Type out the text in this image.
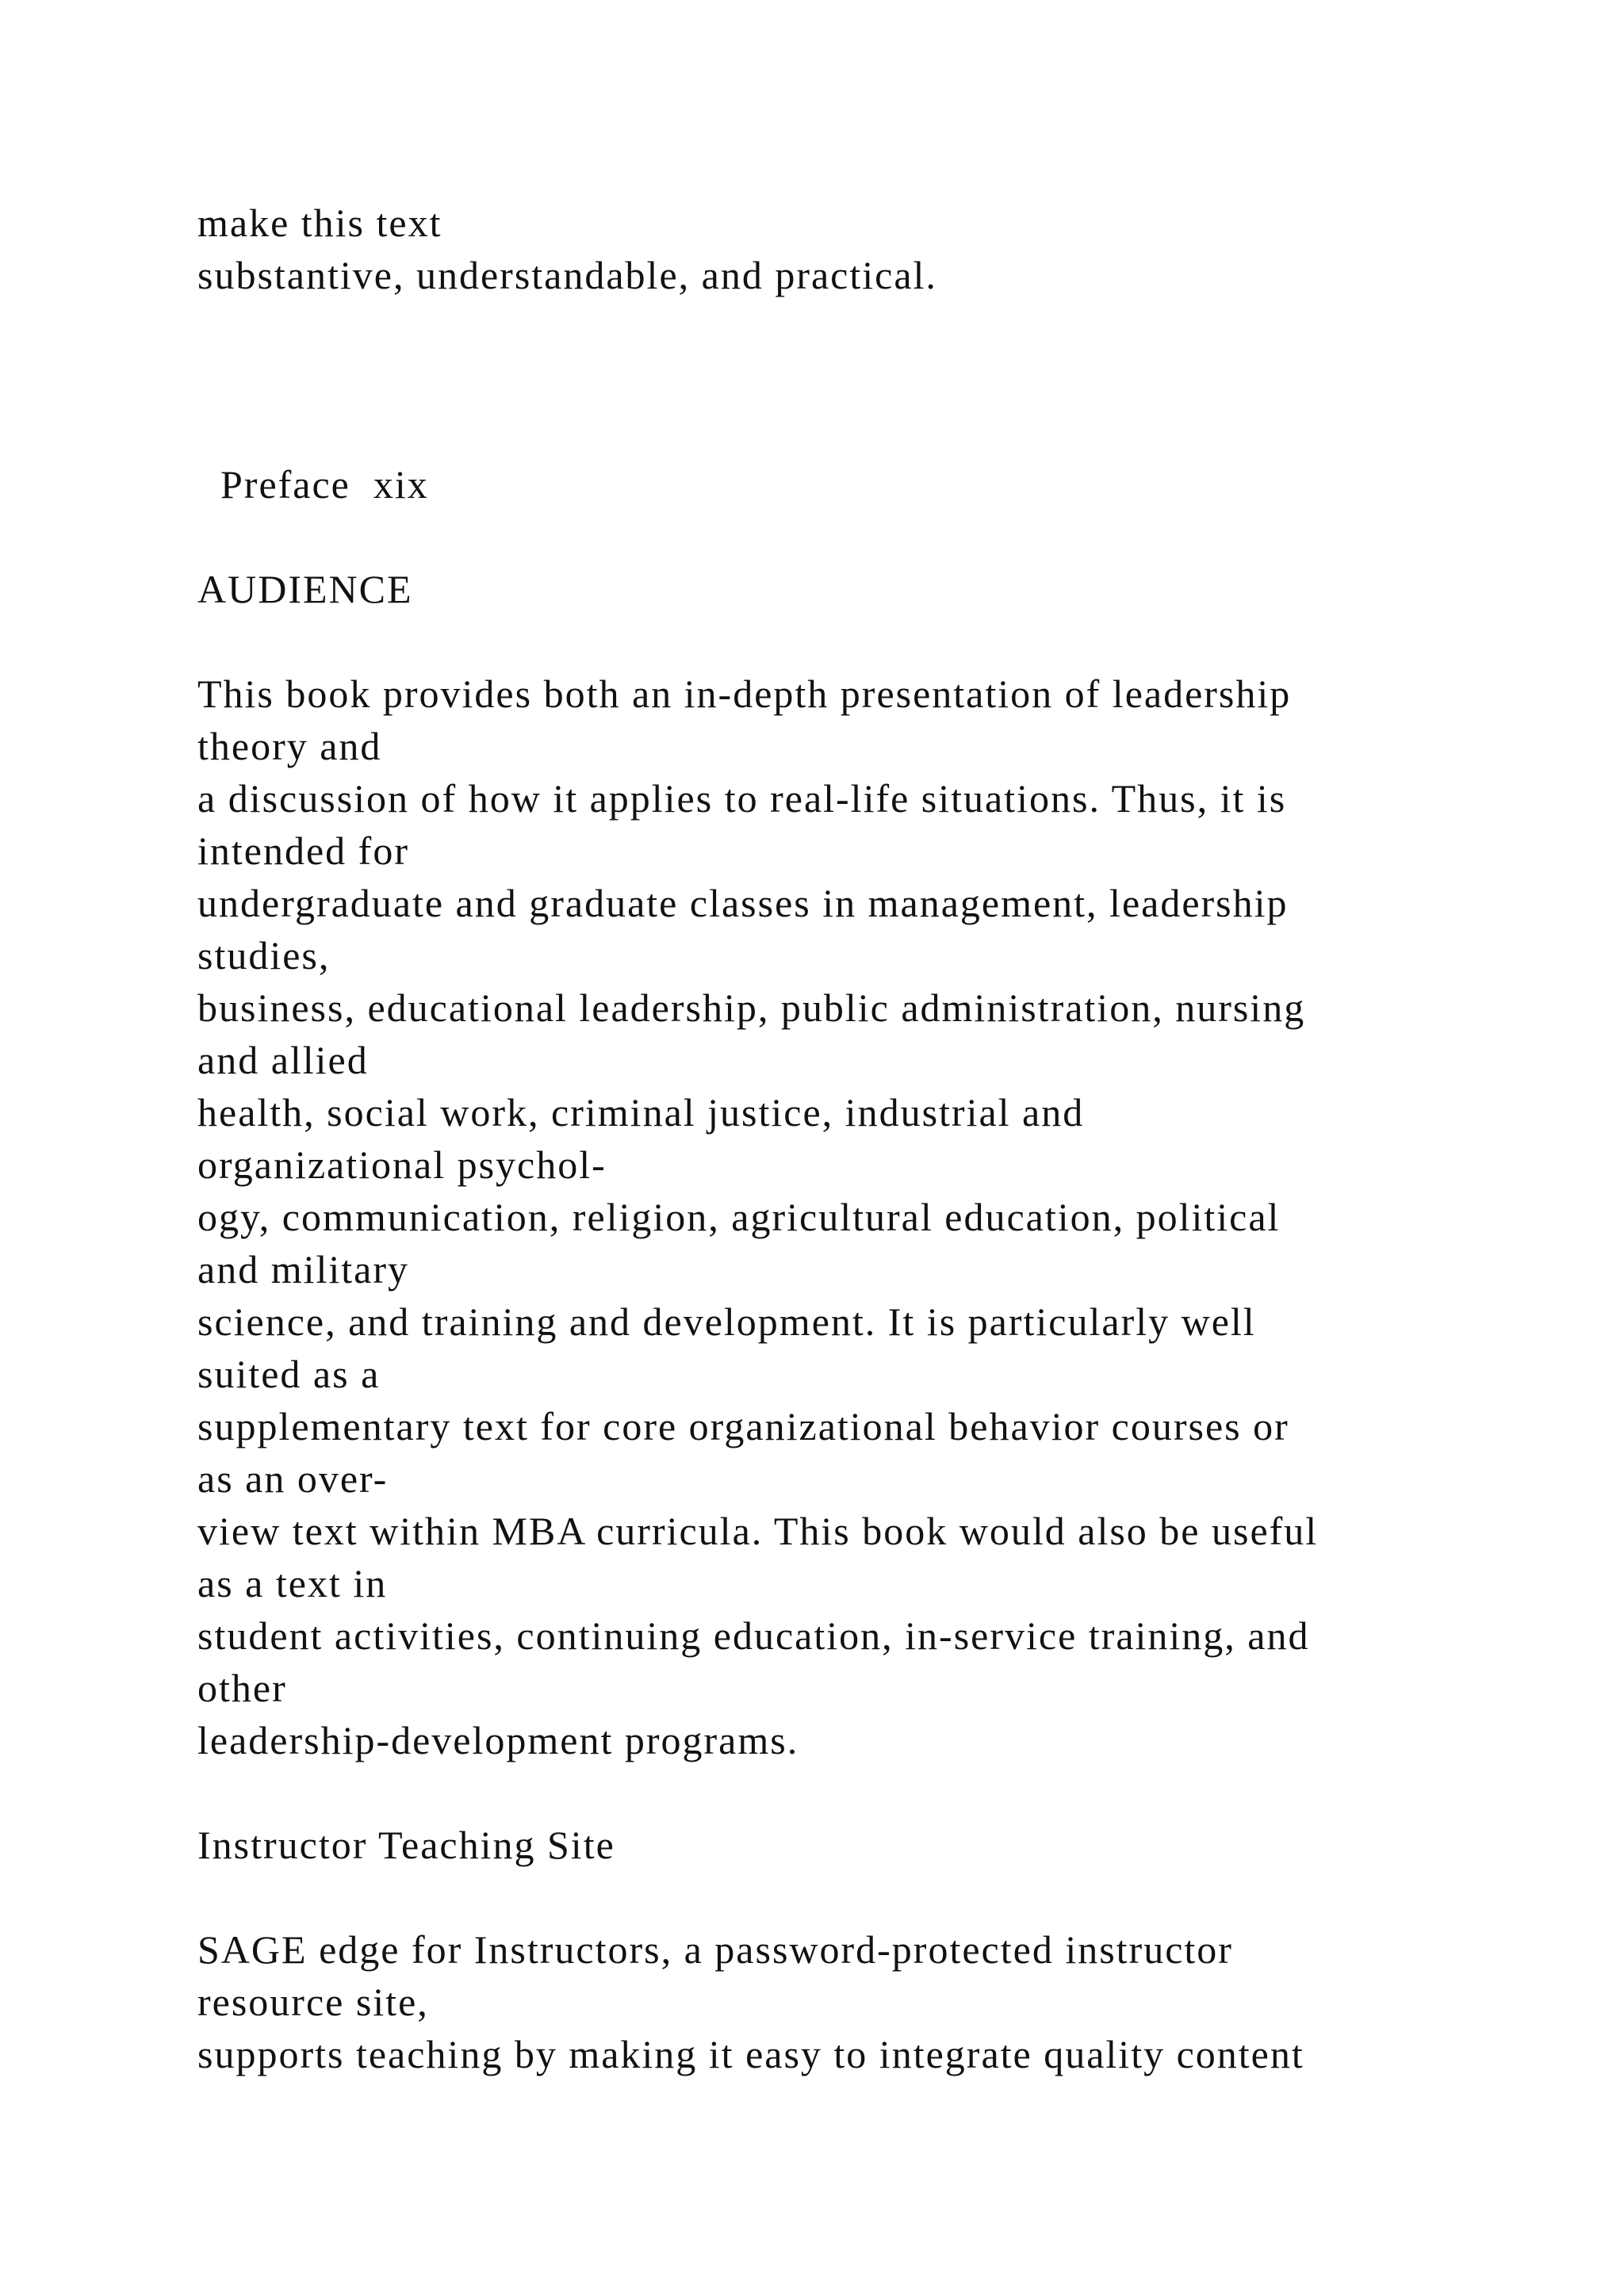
make this text
substantive, understandable, and practical.
Preface  xix
AUDIENCE
This book provides both an in-depth presentation of leadership
theory and
a discussion of how it applies to real-life situations. Thus, it is
intended for
undergraduate and graduate classes in management, leadership
studies,
business, educational leadership, public administration, nursing
and allied
health, social work, criminal justice, industrial and
organizational psychol-
ogy, communication, religion, agricultural education, political
and military
science, and training and development. It is particularly well
suited as a
supplementary text for core organizational behavior courses or
as an over-
view text within MBA curricula. This book would also be useful
as a text in
student activities, continuing education, in-service training, and
other
leadership-development programs.
Instructor Teaching Site
SAGE edge for Instructors, a password-protected instructor
resource site,
supports teaching by making it easy to integrate quality content
